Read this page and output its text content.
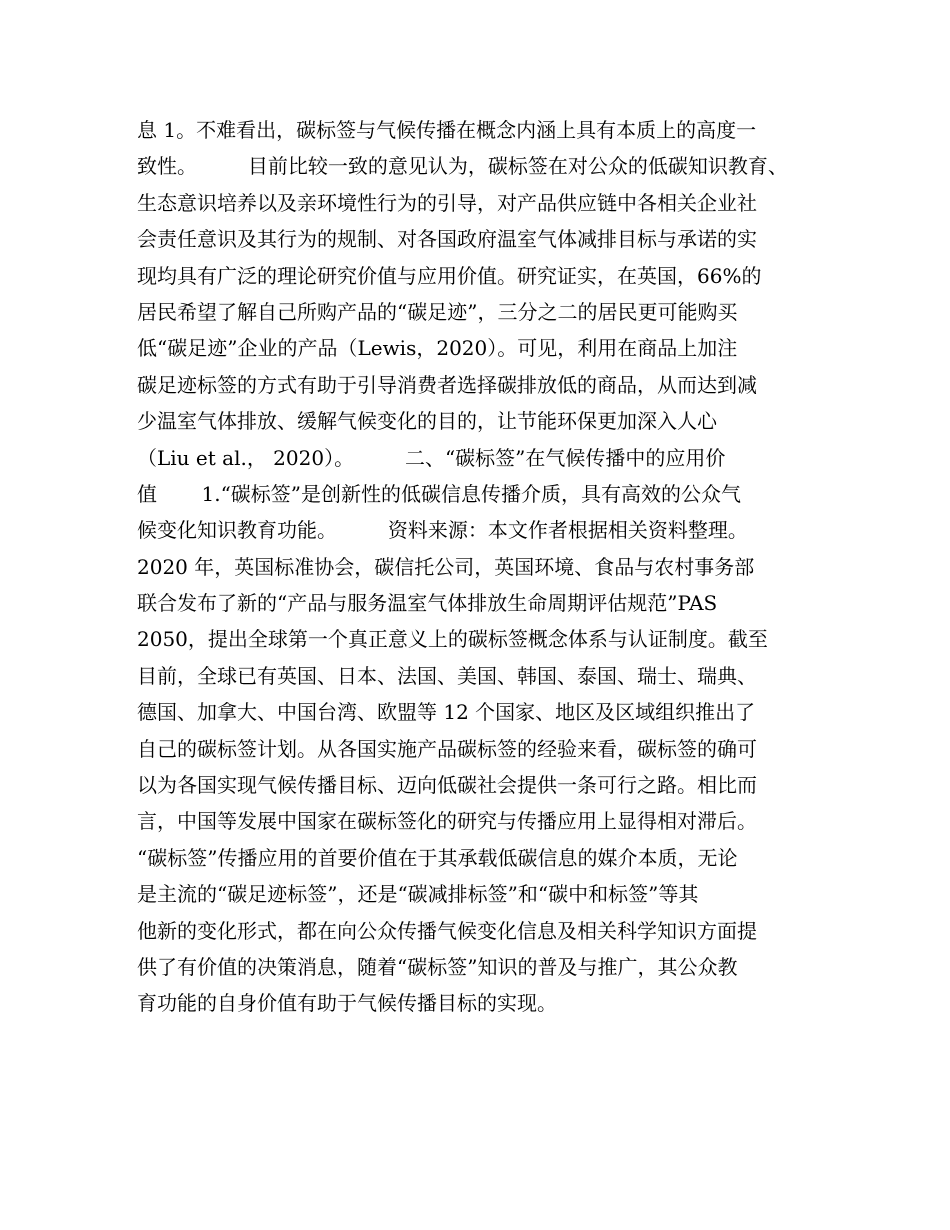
息 1。不难看出，碳标签与气候传播在概念内涵上具有本质上的高度一
致性。        目前比较一致的意见认为，碳标签在对公众的低碳知识教育、
生态意识培养以及亲环境性行为的引导，对产品供应链中各相关企业社
会责任意识及其行为的规制、对各国政府温室气体减排目标与承诺的实
现均具有广泛的理论研究价值与应用价值。研究证实，在英国，66%的
居民希望了解自己所购产品的“碳足迹”，三分之二的居民更可能购买
低“碳足迹”企业的产品（Lewis，2020）。可见，利用在商品上加注
碳足迹标签的方式有助于引导消费者选择碳排放低的商品，从而达到减
少温室气体排放、缓解气候变化的目的，让节能环保更加深入人心
（Liu et al.， 2020）。        二、“碳标签”在气候传播中的应用价
值       1.“碳标签”是创新性的低碳信息传播介质，具有高效的公众气
候变化知识教育功能。        资料来源：本文作者根据相关资料整理。
2020 年，英国标准协会，碳信托公司，英国环境、食品与农村事务部
联合发布了新的“产品与服务温室气体排放生命周期评估规范”PAS
2050，提出全球第一个真正意义上的碳标签概念体系与认证制度。截至
目前，全球已有英国、日本、法国、美国、韩国、泰国、瑞士、瑞典、
德国、加拿大、中国台湾、欧盟等 12 个国家、地区及区域组织推出了
自己的碳标签计划。从各国实施产品碳标签的经验来看，碳标签的确可
以为各国实现气候传播目标、迈向低碳社会提供一条可行之路。相比而
言，中国等发展中国家在碳标签化的研究与传播应用上显得相对滞后。
“碳标签”传播应用的首要价值在于其承载低碳信息的媒介本质，无论
是主流的“碳足迹标签”，还是“碳减排标签”和“碳中和标签”等其
他新的变化形式，都在向公众传播气候变化信息及相关科学知识方面提
供了有价值的决策消息，随着“碳标签”知识的普及与推广，其公众教
育功能的自身价值有助于气候传播目标的实现。
